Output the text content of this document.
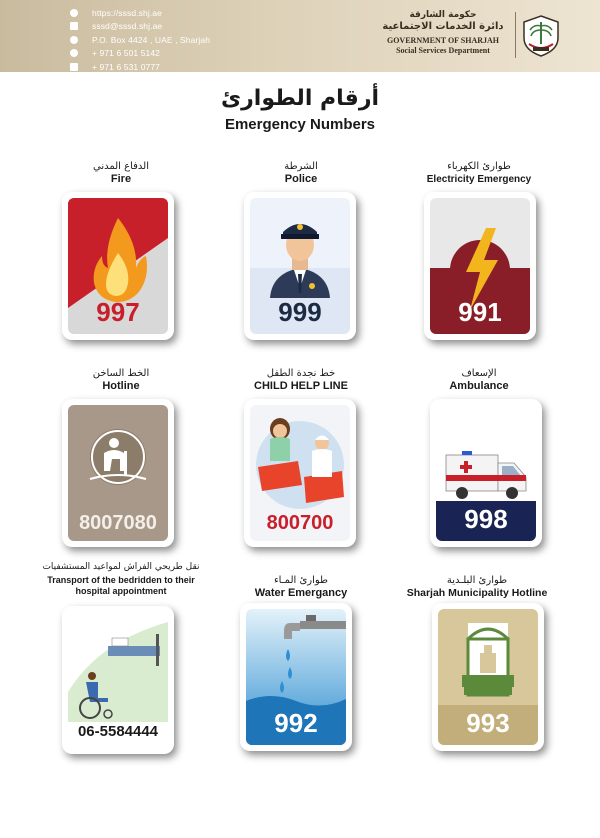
https://sssd.shj.ae
sssd@sssd.shj.ae
P.O. Box 4424 , UAE , Sharjah
+ 971 6 501 5142
+ 971 6 531 0777
حكومة الشارقة
دائرة الخدمات الاجتماعية
GOVERNMENT OF SHARJAH
Social Services Department
أرقام الطوارئ
Emergency Numbers
الدفاع المدني
Fire
997
الشرطة
Police
999
طوارئ الكهرباء
Electricity Emergency
991
الخط الساخن
Hotline
8007080
خط نجدة الطفل
CHILD HELP LINE
800700
الإسعاف
Ambulance
998
نقل طريحي الفراش لمواعيد المستشفيات
Transport of the bedridden to their hospital appointment
06-5584444
طوارئ المـاء
Water Emergancy
992
طوارئ البلـدية
Sharjah Municipality Hotline
993
